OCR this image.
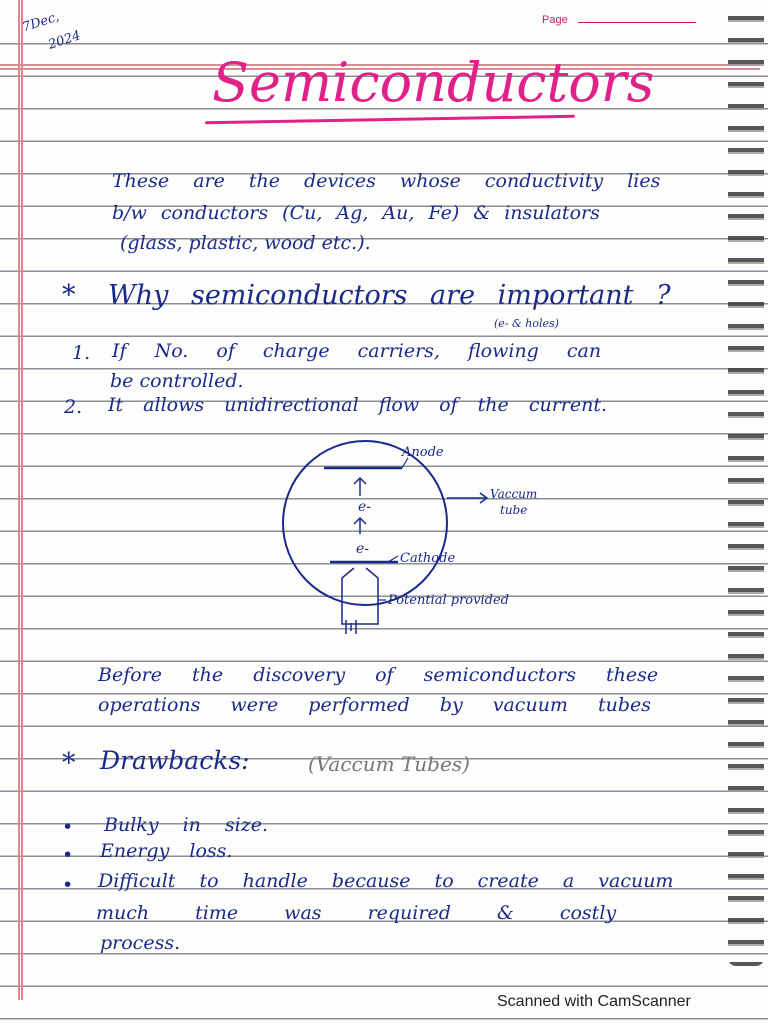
7Dec,
2024
Page
Semiconductors
These are the devices whose conductivity lies
b/w conductors (Cu, Ag, Au, Fe) & insulators
(glass, plastic, wood etc.).
* Why semiconductors are important ?
1.
(e- & holes)
If No. of charge carriers, flowing can
be controlled.
2. It allows unidirectional flow of the current.
Anode
e-
e-
Vaccum
tube
Cathode
Potential provided
Before the discovery of semiconductors these
operations were performed by vacuum tubes
* Drawbacks:	(Vaccum Tubes)
• Bulky in size.
• Energy loss.
• Difficult to handle because to create a vacuum
much time was required & costly
process.
Scanned with CamScanner
